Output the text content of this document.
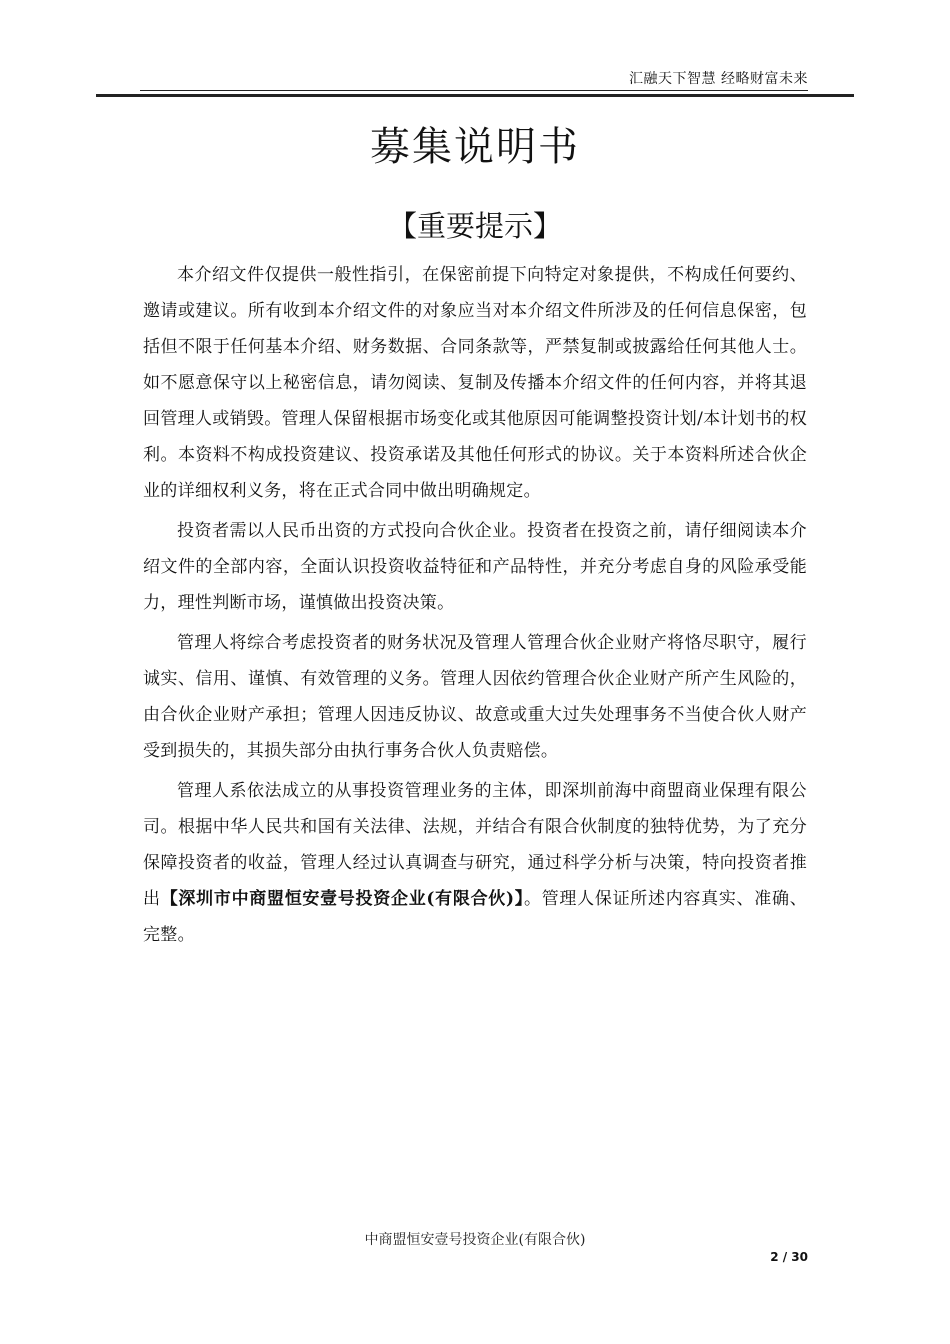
汇融天下智慧 经略财富未来
募集说明书
【重要提示】

本介绍文件仅提供一般性指引，在保密前提下向特定对象提供，不构成任何要约、邀请或建议。所有收到本介绍文件的对象应当对本介绍文件所涉及的任何信息保密，包括但不限于任何基本介绍、财务数据、合同条款等，严禁复制或披露给任何其他人士。如不愿意保守以上秘密信息，请勿阅读、复制及传播本介绍文件的任何内容，并将其退回管理人或销毁。管理人保留根据市场变化或其他原因可能调整投资计划/本计划书的权利。本资料不构成投资建议、投资承诺及其他任何形式的协议。关于本资料所述合伙企业的详细权利义务，将在正式合同中做出明确规定。

投资者需以人民币出资的方式投向合伙企业。投资者在投资之前，请仔细阅读本介绍文件的全部内容，全面认识投资收益特征和产品特性，并充分考虑自身的风险承受能力，理性判断市场，谨慎做出投资决策。

管理人将综合考虑投资者的财务状况及管理人管理合伙企业财产将恪尽职守，履行诚实、信用、谨慎、有效管理的义务。管理人因依约管理合伙企业财产所产生风险的，由合伙企业财产承担；管理人因违反协议、故意或重大过失处理事务不当使合伙人财产受到损失的，其损失部分由执行事务合伙人负责赔偿。

管理人系依法成立的从事投资管理业务的主体，即深圳前海中商盟商业保理有限公司。根据中华人民共和国有关法律、法规，并结合有限合伙制度的独特优势，为了充分保障投资者的收益，管理人经过认真调查与研究，通过科学分析与决策，特向投资者推出【深圳市中商盟恒安壹号投资企业(有限合伙)】。管理人保证所述内容真实、准确、完整。

中商盟恒安壹号投资企业(有限合伙)
2 / 30
